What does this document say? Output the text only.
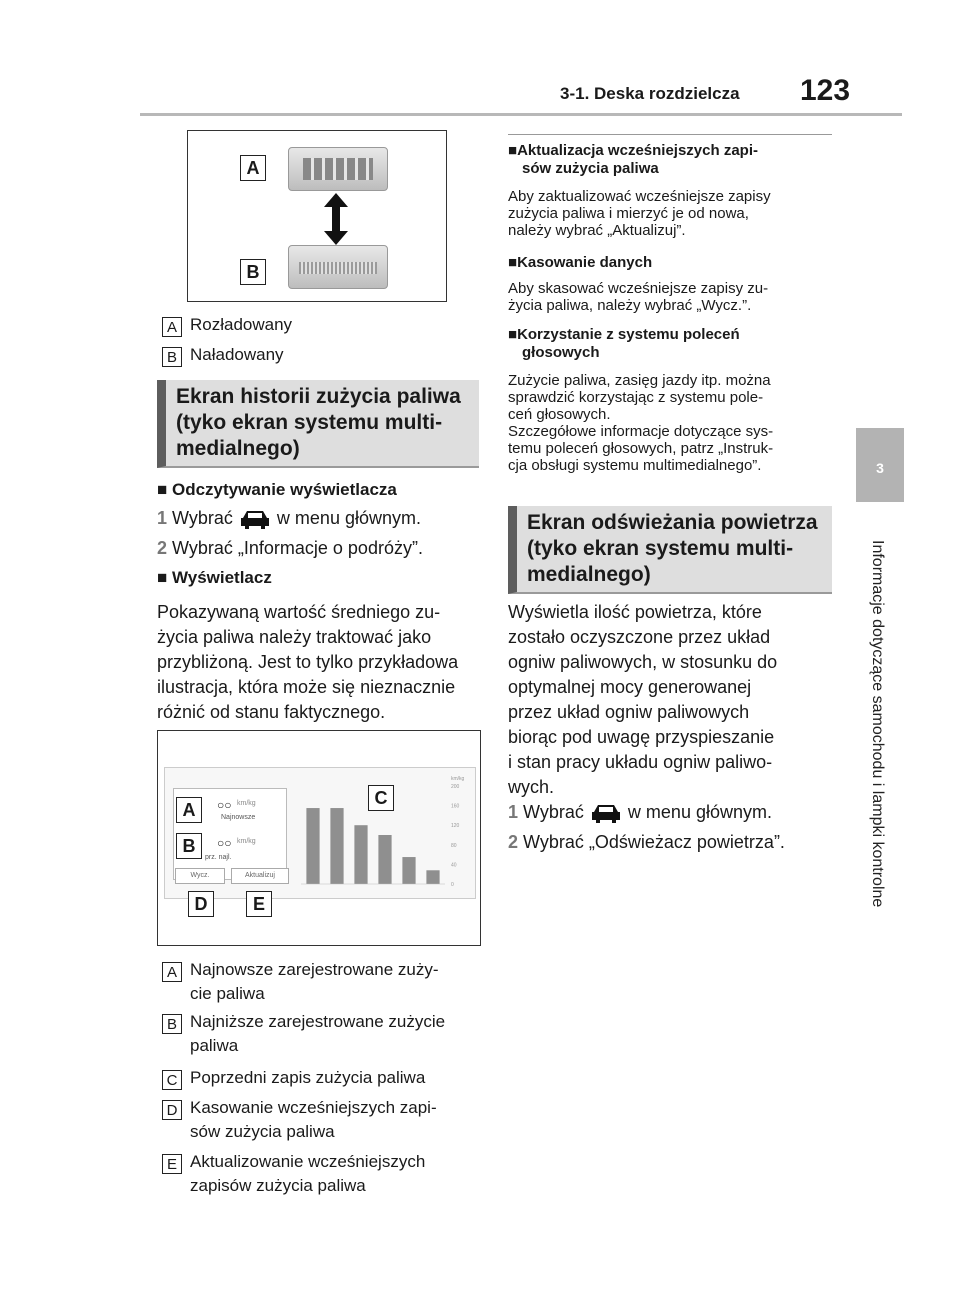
3-1. Deska rozdzielcza 123
3
Informacje dotyczące samochodu i lampki kontrolne
A
B
A Rozładowany
B Naładowany
Ekran historii zużycia paliwa
(tyko ekran systemu multi-
medialnego)
■ Odczytywanie wyświetlacza
1 Wybrać w menu głównym.
2 Wybrać „Informacje o podróży”.
■ Wyświetlacz
Pokazywaną wartość średniego zu-
życia paliwa należy traktować jako
przybliżoną. Jest to tylko przykładowa
ilustracja, która może się nieznacznie
różnić od stanu faktycznego.
○○ km/kg
Najnowsze
○○ km/kg
prz. najl.
Wycz.	Aktualizuj
200
160
120
80
40
0
km/kg
A
B
C
D	E
A Najnowsze zarejestrowane zuży-
cie paliwa
B Najniższe zarejestrowane zużycie
paliwa
C Poprzedni zapis zużycia paliwa
D Kasowanie wcześniejszych zapi-
sów zużycia paliwa
E Aktualizowanie wcześniejszych
zapisów zużycia paliwa
■Aktualizacja wcześniejszych zapi-
sów zużycia paliwa
Aby zaktualizować wcześniejsze zapisy
zużycia paliwa i mierzyć je od nowa,
należy wybrać „Aktualizuj”.
■Kasowanie danych
Aby skasować wcześniejsze zapisy zu-
życia paliwa, należy wybrać „Wycz.”.
■Korzystanie z systemu poleceń
głosowych
Zużycie paliwa, zasięg jazdy itp. można
sprawdzić korzystając z systemu pole-
ceń głosowych.
Szczegółowe informacje dotyczące sys-
temu poleceń głosowych, patrz „Instruk-
cja obsługi systemu multimedialnego”.
Ekran odświeżania powietrza
(tyko ekran systemu multi-
medialnego)
Wyświetla ilość powietrza, które
zostało oczyszczone przez układ
ogniw paliwowych, w stosunku do
optymalnej mocy generowanej
przez układ ogniw paliwowych
biorąc pod uwagę przyspieszanie
i stan pracy układu ogniw paliwo-
wych.
1 Wybrać w menu głównym.
2 Wybrać „Odświeżacz powietrza”.
